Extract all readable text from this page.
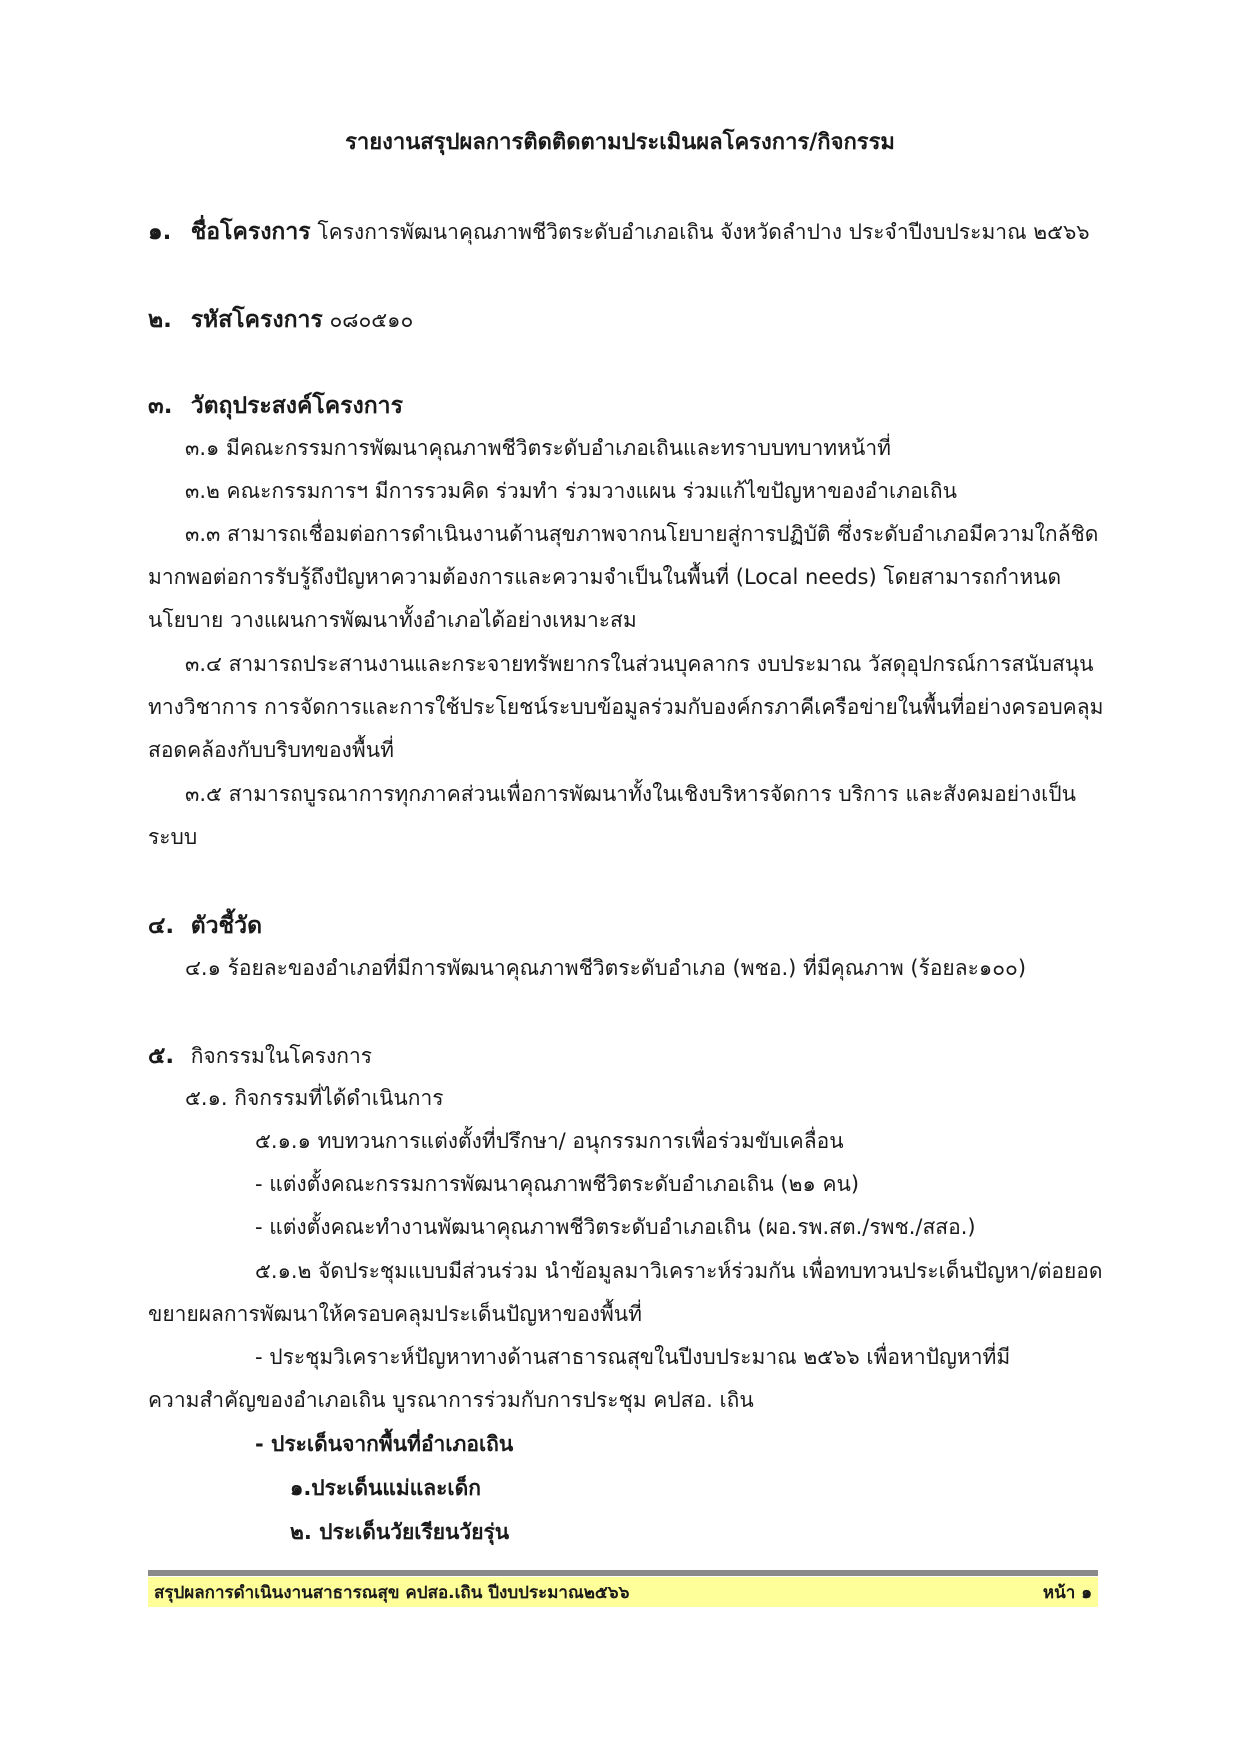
รายงานสรุปผลการติดติดตามประเมินผลโครงการ/กิจกรรม
๑. ชื่อโครงการ โครงการพัฒนาคุณภาพชีวิตระดับอำเภอเถิน จังหวัดลำปาง ประจำปีงบประมาณ ๒๕๖๖
๒. รหัสโครงการ ๐๘๐๕๑๐
๓. วัตถุประสงค์โครงการ
๓.๑ มีคณะกรรมการพัฒนาคุณภาพชีวิตระดับอำเภอเถินและทราบบทบาทหน้าที่
๓.๒ คณะกรรมการฯ มีการรวมคิด ร่วมทำ ร่วมวางแผน ร่วมแก้ไขปัญหาของอำเภอเถิน
๓.๓ สามารถเชื่อมต่อการดำเนินงานด้านสุขภาพจากนโยบายสู่การปฏิบัติ ซึ่งระดับอำเภอมีความใกล้ชิด
มากพอต่อการรับรู้ถึงปัญหาความต้องการและความจำเป็นในพื้นที่ (Local needs) โดยสามารถกำหนด
นโยบาย วางแผนการพัฒนาทั้งอำเภอได้อย่างเหมาะสม
๓.๔ สามารถประสานงานและกระจายทรัพยากรในส่วนบุคลากร งบประมาณ วัสดุอุปกรณ์การสนับสนุน
ทางวิชาการ การจัดการและการใช้ประโยชน์ระบบข้อมูลร่วมกับองค์กรภาคีเครือข่ายในพื้นที่อย่างครอบคลุม
สอดคล้องกับบริบทของพื้นที่
๓.๕ สามารถบูรณาการทุกภาคส่วนเพื่อการพัฒนาทั้งในเชิงบริหารจัดการ บริการ และสังคมอย่างเป็น
ระบบ
๔. ตัวชี้วัด
๔.๑ ร้อยละของอำเภอที่มีการพัฒนาคุณภาพชีวิตระดับอำเภอ (พชอ.) ที่มีคุณภาพ (ร้อยละ๑๐๐)
๕. กิจกรรมในโครงการ
๕.๑. กิจกรรมที่ได้ดำเนินการ
๕.๑.๑ ทบทวนการแต่งตั้งที่ปรึกษา/ อนุกรรมการเพื่อร่วมขับเคลื่อน
- แต่งตั้งคณะกรรมการพัฒนาคุณภาพชีวิตระดับอำเภอเถิน (๒๑ คน)
- แต่งตั้งคณะทำงานพัฒนาคุณภาพชีวิตระดับอำเภอเถิน (ผอ.รพ.สต./รพช./สสอ.)
๕.๑.๒ จัดประชุมแบบมีส่วนร่วม นำข้อมูลมาวิเคราะห์ร่วมกัน เพื่อทบทวนประเด็นปัญหา/ต่อยอด
ขยายผลการพัฒนาให้ครอบคลุมประเด็นปัญหาของพื้นที่
- ประชุมวิเคราะห์ปัญหาทางด้านสาธารณสุขในปีงบประมาณ ๒๕๖๖ เพื่อหาปัญหาที่มี
ความสำคัญของอำเภอเถิน บูรณาการร่วมกับการประชุม คปสอ. เถิน
- ประเด็นจากพื้นที่อำเภอเถิน
๑.ประเด็นแม่และเด็ก
๒. ประเด็นวัยเรียนวัยรุ่น
สรุปผลการดำเนินงานสาธารณสุข คปสอ.เถิน ปีงบประมาณ๒๕๖๖	หน้า ๑
